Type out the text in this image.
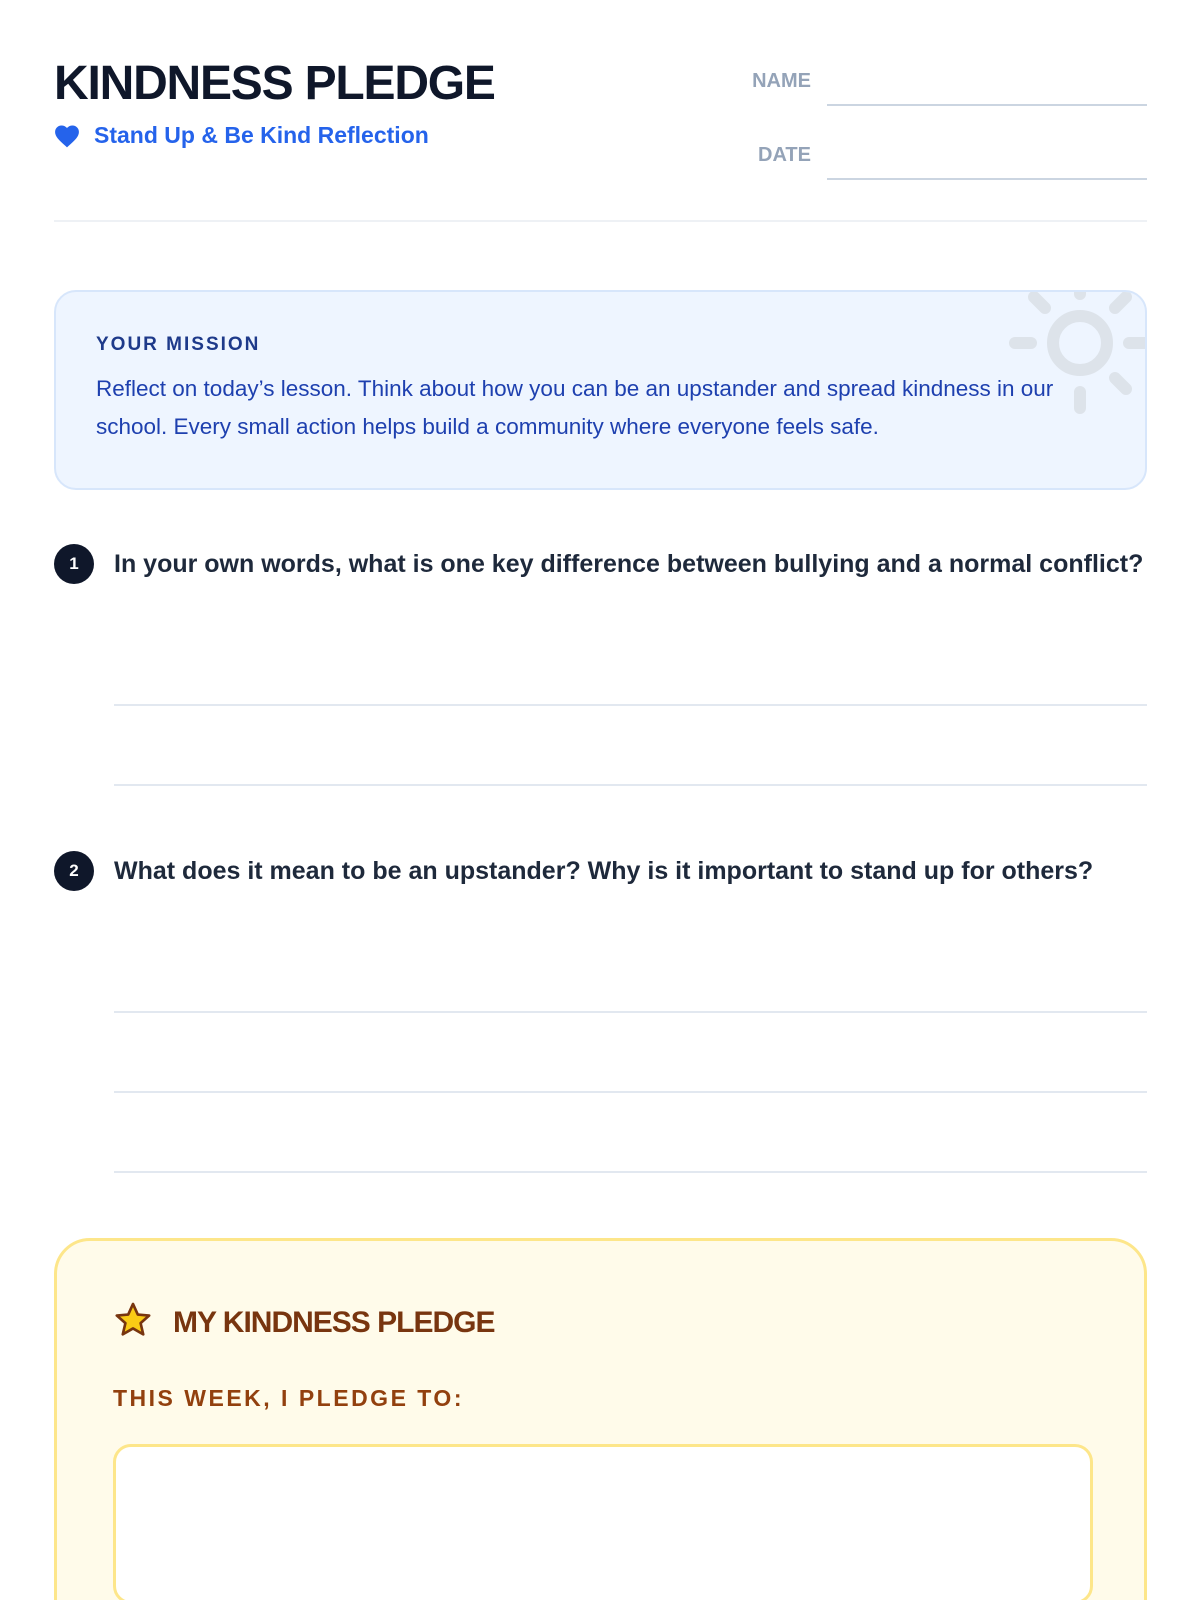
KINDNESS PLEDGE
Stand Up & Be Kind Reflection
NAME
DATE
YOUR MISSION

Reflect on today’s lesson. Think about how you can be an upstander and spread kindness in our school. Every small action helps build a community where everyone feels safe.

1	In your own words, what is one key difference between bullying and a normal conflict?

2	What does it mean to be an upstander? Why is it important to stand up for others?

MY KINDNESS PLEDGE
THIS WEEK, I PLEDGE TO:
